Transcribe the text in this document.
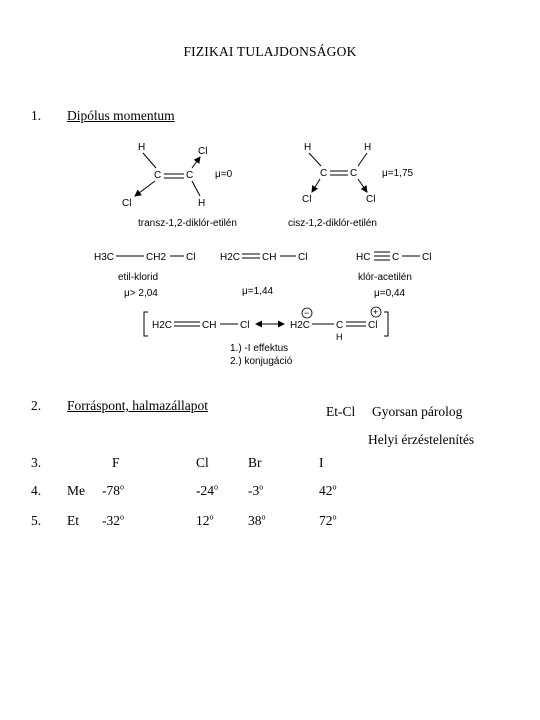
FIZIKAI TULAJDONSÁGOK
1. Dipólus momentum
H	Cl
C C
Cl	H
μ=0
transz-1,2-diklór-etilén
H	H
C C
Cl	Cl
μ=1,75
cisz-1,2-diklór-etilén
H3C	CH2 Cl
etil-klorid
μ> 2,04
H2C CH Cl
μ=1,44
HC C Cl
klór-acetilén
μ=0,44
H2C	CH Cl	H2C
−
C
H
Cl
+
1.) -I effektus
2.) konjugáció
2. Forráspont, halmazállapot	Et-Cl Gyorsan párolog
Helyi érzéstelenítés
3.	F	Cl	Br	I
4. Me -78$^o$	-24$^o$ -3$^o$	42$^o$
5. Et -32$^o$	12$^o$	38$^o$	72$^o$
